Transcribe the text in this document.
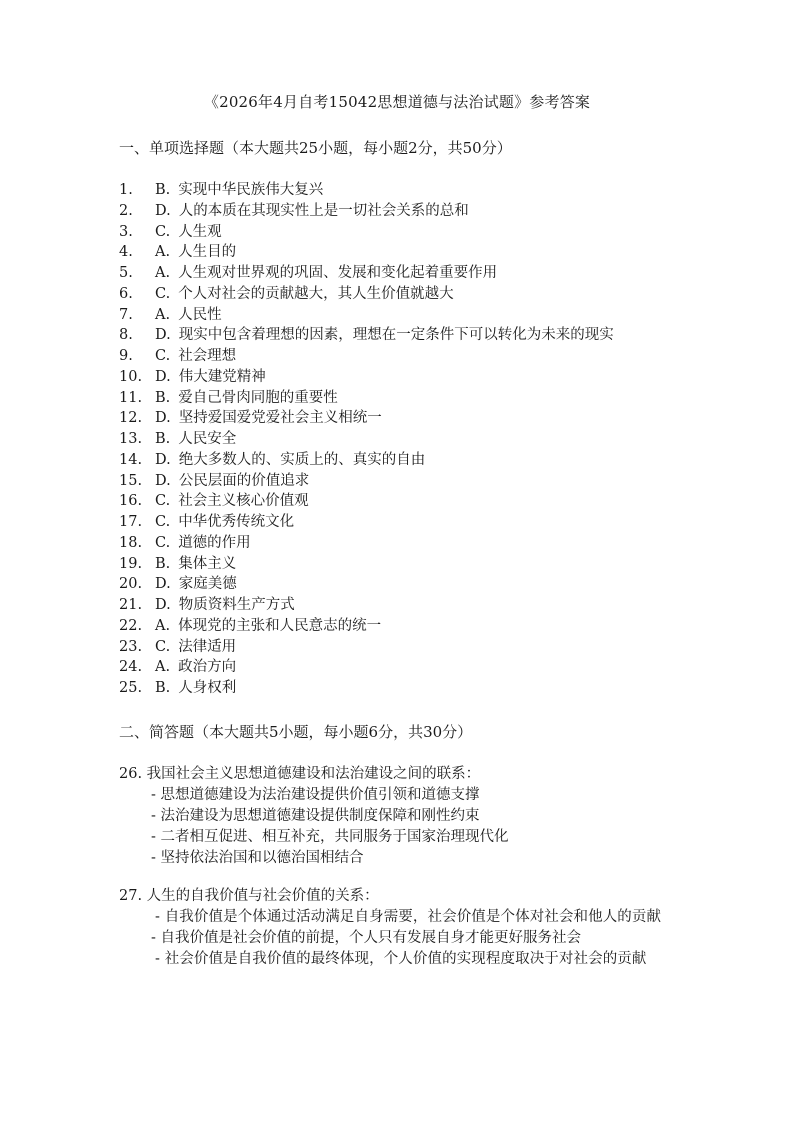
《2026年4月自考15042思想道德与法治试题》参考答案
一、单项选择题（本大题共25小题，每小题2分，共50分）
1. B. 实现中华民族伟大复兴
2. D. 人的本质在其现实性上是一切社会关系的总和
3. C. 人生观
4. A. 人生目的
5. A. 人生观对世界观的巩固、发展和变化起着重要作用
6. C. 个人对社会的贡献越大，其人生价值就越大
7. A. 人民性
8. D. 现实中包含着理想的因素，理想在一定条件下可以转化为未来的现实
9. C. 社会理想
10. D. 伟大建党精神
11. B. 爱自己骨肉同胞的重要性
12. D. 坚持爱国爱党爱社会主义相统一
13. B. 人民安全
14. D. 绝大多数人的、实质上的、真实的自由
15. D. 公民层面的价值追求
16. C. 社会主义核心价值观
17. C. 中华优秀传统文化
18. C. 道德的作用
19. B. 集体主义
20. D. 家庭美德
21. D. 物质资料生产方式
22. A. 体现党的主张和人民意志的统一
23. C. 法律适用
24. A. 政治方向
25. B. 人身权利
二、简答题（本大题共5小题，每小题6分，共30分）
26. 我国社会主义思想道德建设和法治建设之间的联系：
- 思想道德建设为法治建设提供价值引领和道德支撑
- 法治建设为思想道德建设提供制度保障和刚性约束
- 二者相互促进、相互补充，共同服务于国家治理现代化
- 坚持依法治国和以德治国相结合
27. 人生的自我价值与社会价值的关系：
- 自我价值是个体通过活动满足自身需要，社会价值是个体对社会和他人的贡献
- 自我价值是社会价值的前提，个人只有发展自身才能更好服务社会
- 社会价值是自我价值的最终体现，个人价值的实现程度取决于对社会的贡献
